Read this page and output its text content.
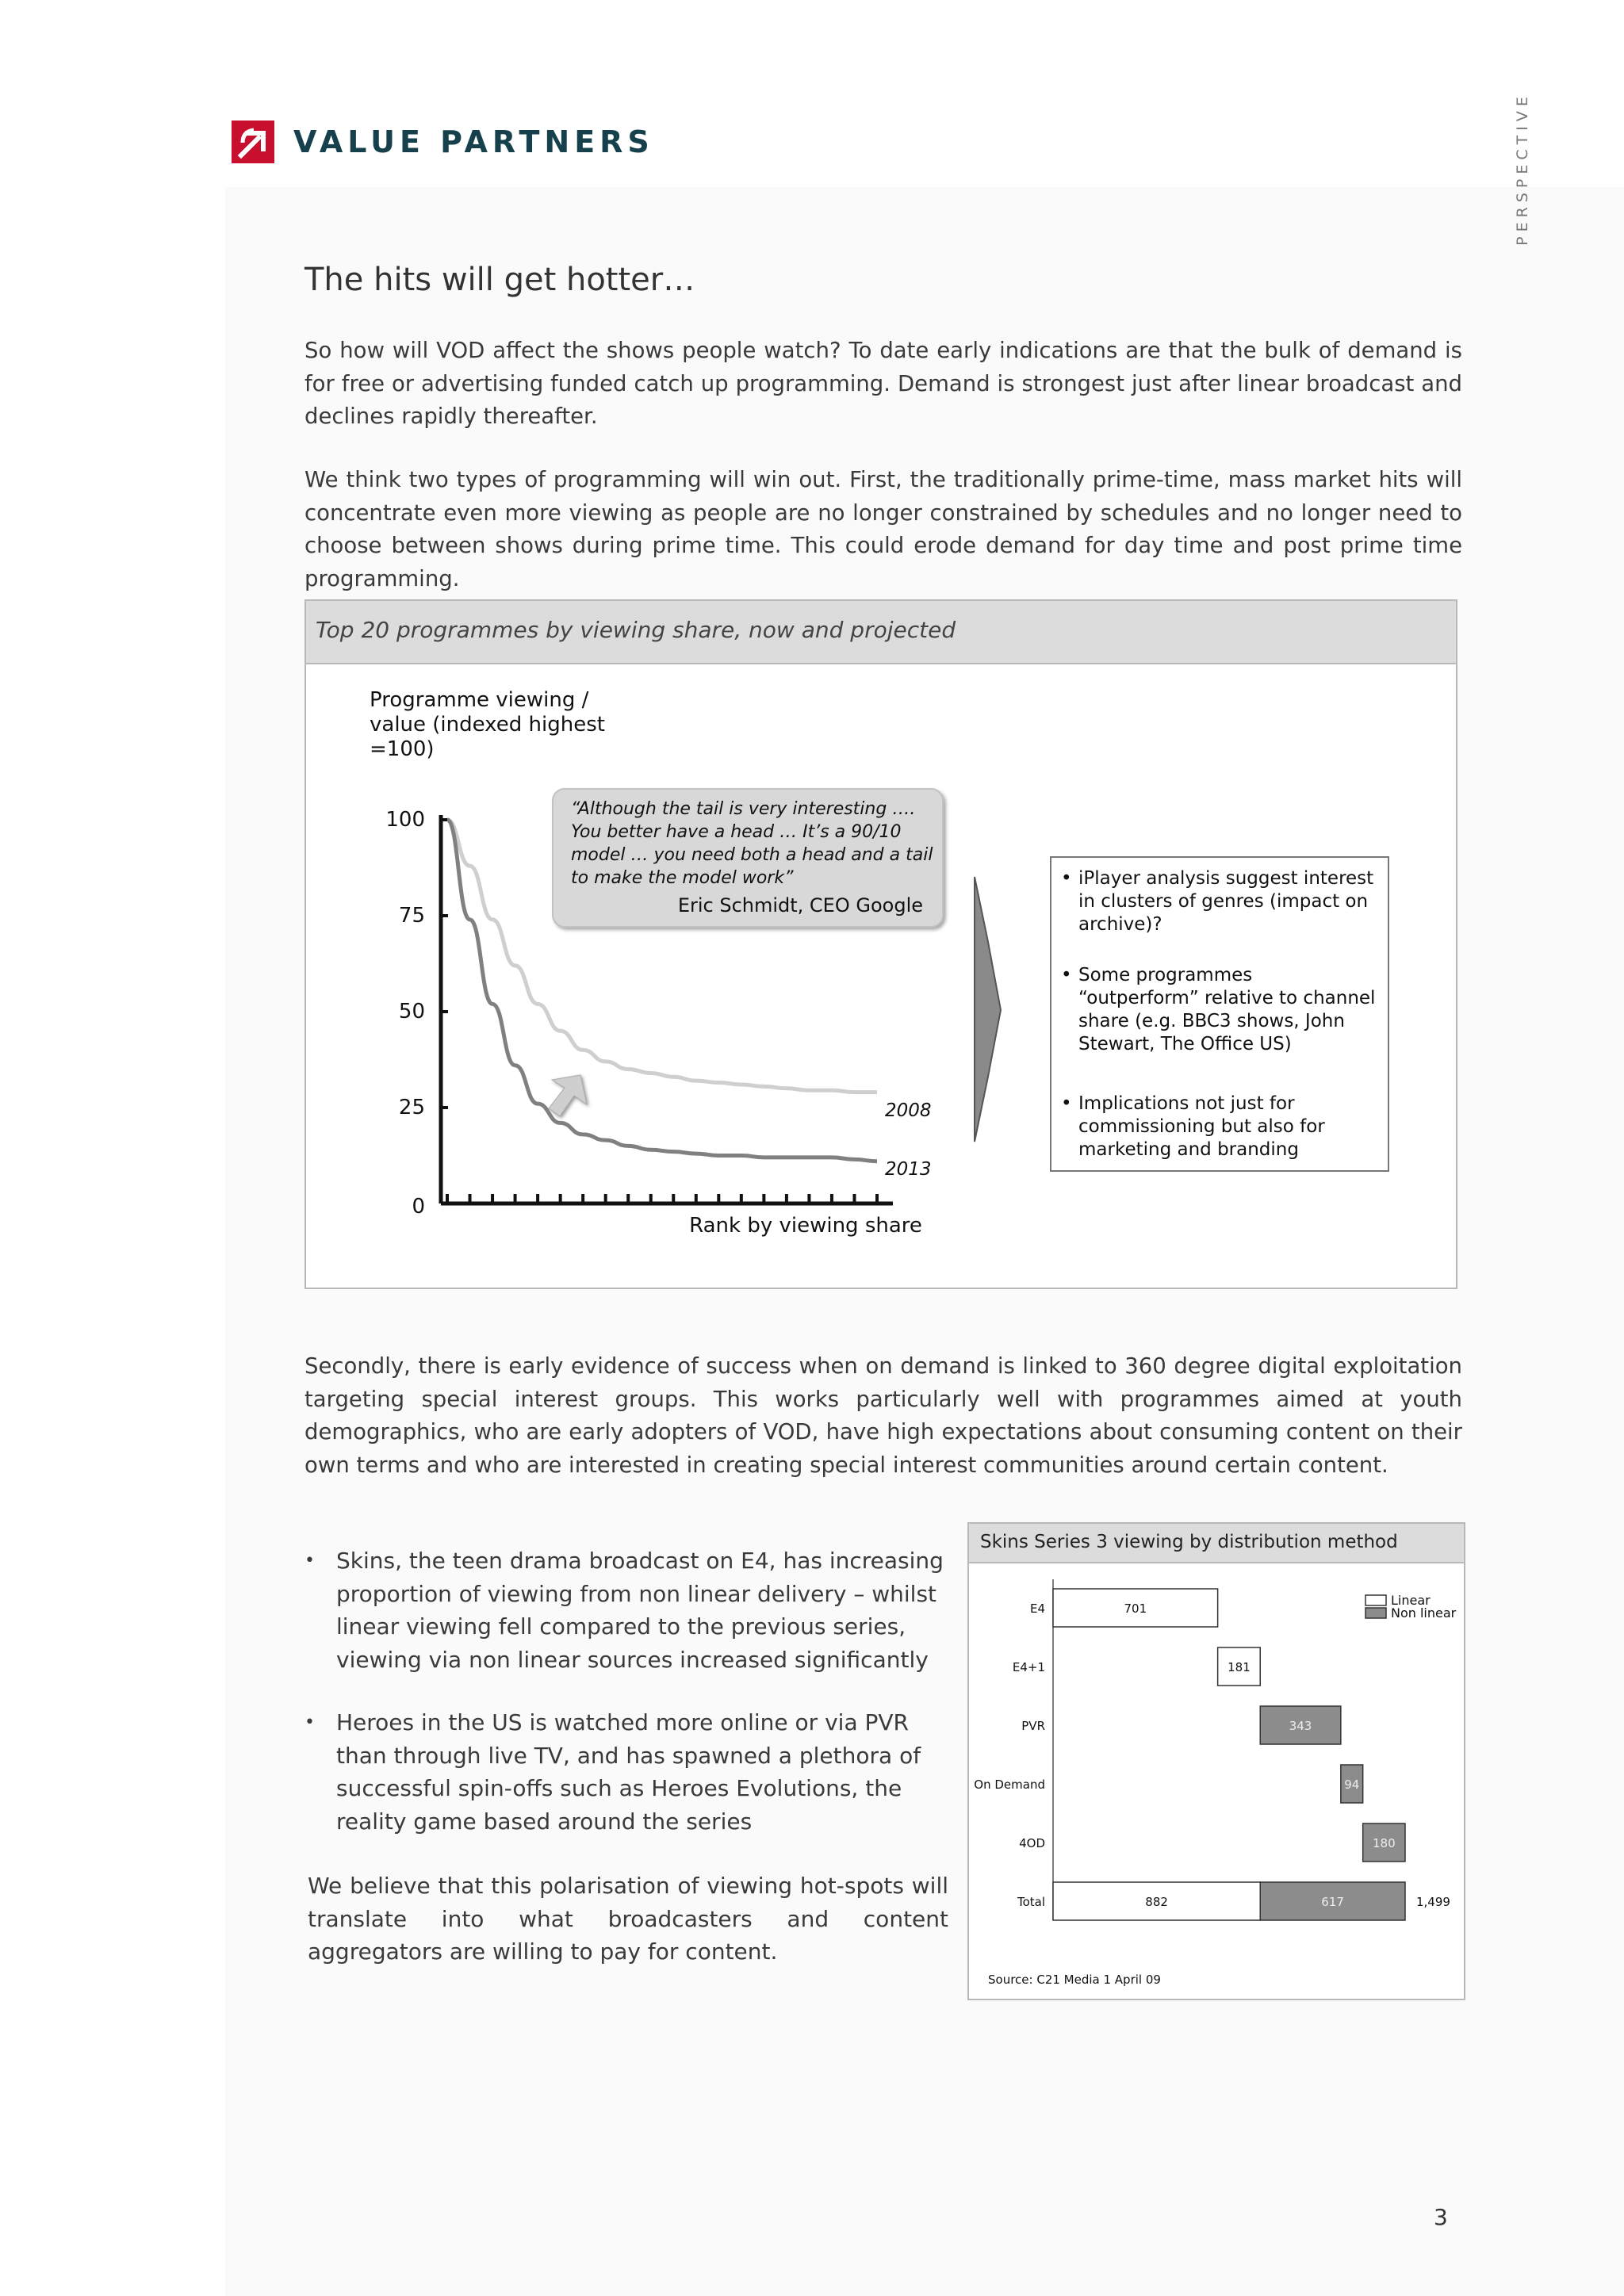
VALUE PARTNERS	PERSPECTIVE
The hits will get hotter…
So how will VOD affect the shows people watch? To date early indications are that the bulk of demand is for free or advertising funded catch up programming. Demand is strongest just after linear broadcast and declines rapidly thereafter.
We think two types of programming will win out. First, the traditionally prime-time, mass market hits will concentrate even more viewing as people are no longer constrained by schedules and no longer need to choose between shows during prime time. This could erode demand for day time and post prime time programming.
Top 20 programmes by viewing share, now and projected
Programme viewing / value (indexed highest =100)
100
75
50
25
0
Rank by viewing share
2008
2013
“Although the tail is very interesting …. You better have a head … It’s a 90/10 model … you need both a head and a tail to make the model work”
Eric Schmidt, CEO Google
• iPlayer analysis suggest interest in clusters of genres (impact on archive)?
• Some programmes “outperform” relative to channel share (e.g. BBC3 shows, John Stewart, The Office US)
• Implications not just for commissioning but also for marketing and branding
Secondly, there is early evidence of success when on demand is linked to 360 degree digital exploitation targeting special interest groups. This works particularly well with programmes aimed at youth demographics, who are early adopters of VOD, have high expectations about consuming content on their own terms and who are interested in creating special interest communities around certain content.
• Skins, the teen drama broadcast on E4, has increasing proportion of viewing from non linear delivery – whilst linear viewing fell compared to the previous series, viewing via non linear sources increased significantly
• Heroes in the US is watched more online or via PVR than through live TV, and has spawned a plethora of successful spin-offs such as Heroes Evolutions, the reality game based around the series
We believe that this polarisation of viewing hot-spots will translate into what broadcasters and content aggregators are willing to pay for content.
Skins Series 3 viewing by distribution method
Linear
Non linear
E4	701
E4+1	181
PVR	343
On Demand	94
4OD	180
Total	882	617	1,499
Source: C21 Media 1 April 09
3
